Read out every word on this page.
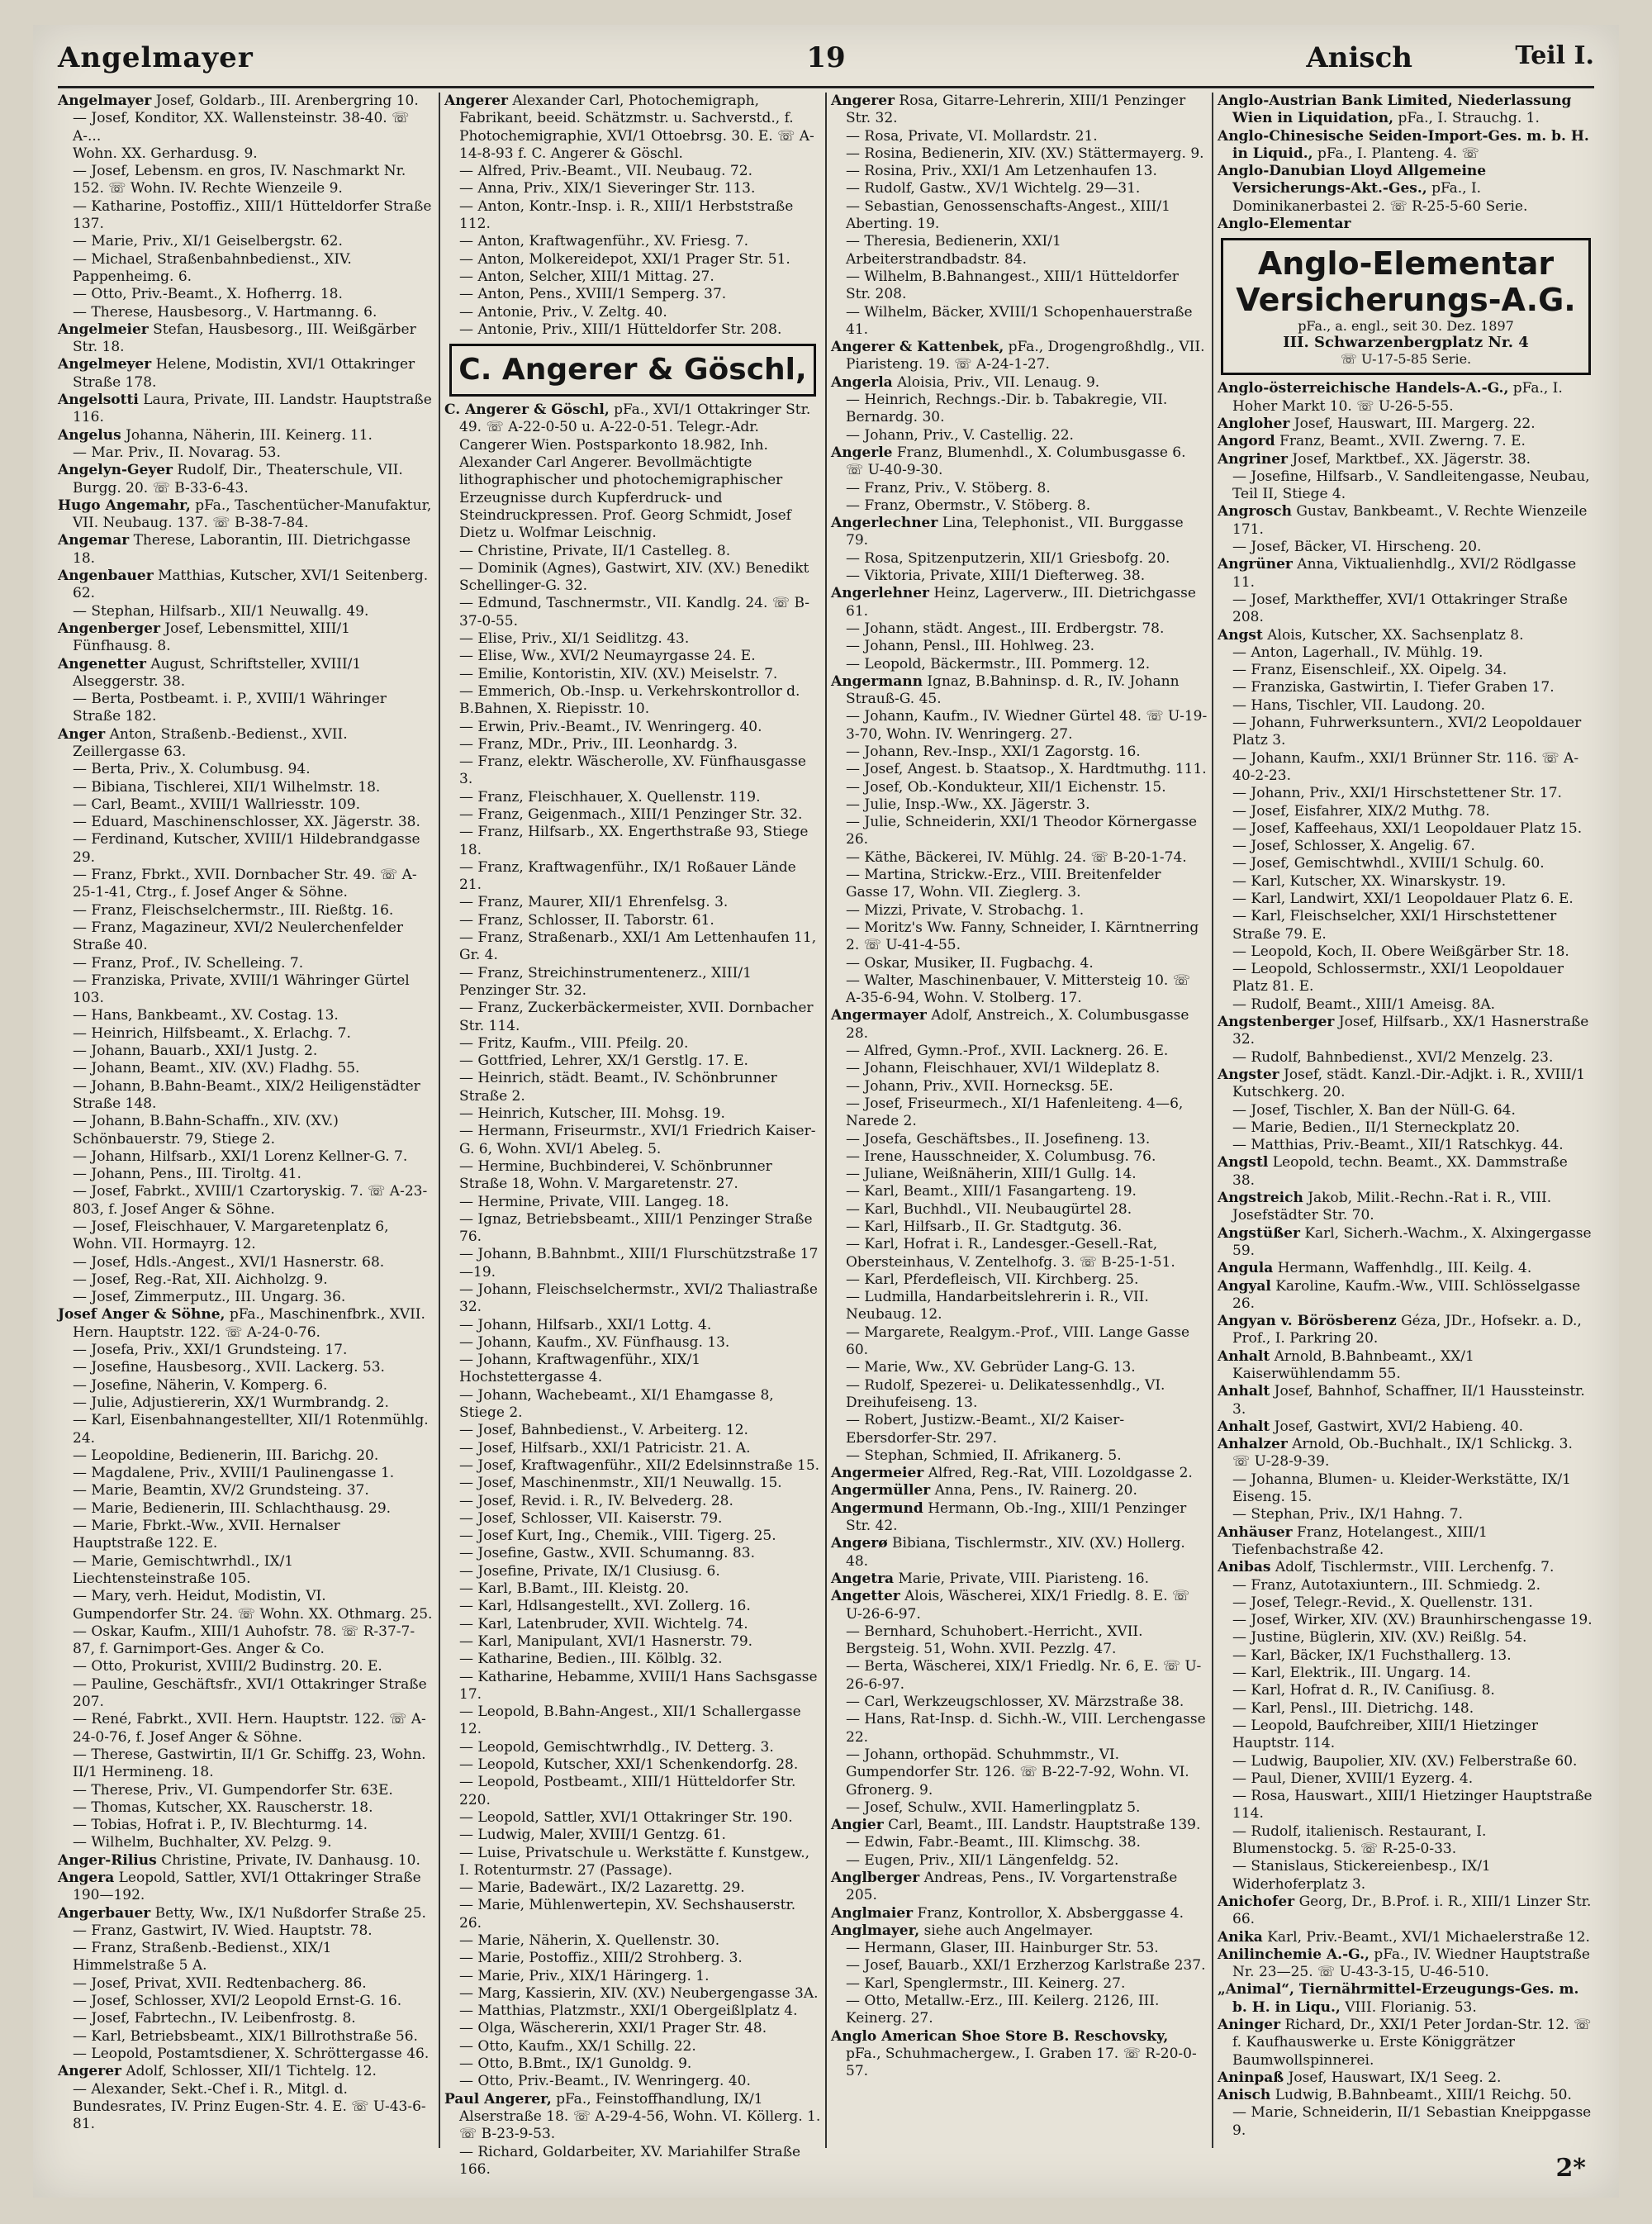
Angelmayer	19	Anisch	Teil I.

Angelmayer Josef, Goldarb., III. Arenbergring 10.

— Josef, Konditor, XX. Wallensteinstr. 38-40. ☏ A-...

Wohn. XX. Gerhardusg. 9.

— Josef, Lebensm. en gros, IV. Naschmarkt Nr. 152. ☏ Wohn. IV. Rechte Wienzeile 9.

— Katharine, Postoffiz., XIII/1 Hütteldorfer Straße 137.

— Marie, Priv., XI/1 Geiselbergstr. 62.

— Michael, Straßenbahnbedienst., XIV. Pappenheimg. 6.

— Otto, Priv.-Beamt., X. Hofherrg. 18.

— Therese, Hausbesorg., V. Hartmanng. 6.

Angelmeier Stefan, Hausbesorg., III. Weißgärber Str. 18.

Angelmeyer Helene, Modistin, XVI/1 Ottakringer Straße 178.

Angelsotti Laura, Private, III. Landstr. Hauptstraße 116.

Angelus Johanna, Näherin, III. Keinerg. 11.

— Mar. Priv., II. Novarag. 53.

Angelyn-Geyer Rudolf, Dir., Theaterschule, VII. Burgg. 20. ☏ B-33-6-43.

Hugo Angemahr, pFa., Taschentücher-Manufaktur, VII. Neubaug. 137. ☏ B-38-7-84.

Angemar Therese, Laborantin, III. Dietrichgasse 18.

Angenbauer Matthias, Kutscher, XVI/1 Seitenberg. 62.

— Stephan, Hilfsarb., XII/1 Neuwallg. 49.

Angenberger Josef, Lebensmittel, XIII/1 Fünfhausg. 8.

Angenetter August, Schriftsteller, XVIII/1 Alseggerstr. 38.

— Berta, Postbeamt. i. P., XVIII/1 Währinger Straße 182.

Anger Anton, Straßenb.-Bedienst., XVII. Zeillergasse 63.

— Berta, Priv., X. Columbusg. 94.

— Bibiana, Tischlerei, XII/1 Wilhelmstr. 18.

— Carl, Beamt., XVIII/1 Wallriesstr. 109.

— Eduard, Maschinenschlosser, XX. Jägerstr. 38.

— Ferdinand, Kutscher, XVIII/1 Hildebrandgasse 29.

— Franz, Fbrkt., XVII. Dornbacher Str. 49. ☏ A-25-1-41, Ctrg., f. Josef Anger & Söhne.

— Franz, Fleischselchermstr., III. Rießtg. 16.

— Franz, Magazineur, XVI/2 Neulerchenfelder Straße 40.

— Franz, Prof., IV. Schelleing. 7.

— Franziska, Private, XVIII/1 Währinger Gürtel 103.

— Hans, Bankbeamt., XV. Costag. 13.

— Heinrich, Hilfsbeamt., X. Erlachg. 7.

— Johann, Bauarb., XXI/1 Justg. 2.

— Johann, Beamt., XIV. (XV.) Fladhg. 55.

— Johann, B.Bahn-Beamt., XIX/2 Heiligenstädter Straße 148.

— Johann, B.Bahn-Schaffn., XIV. (XV.) Schönbauerstr. 79, Stiege 2.

— Johann, Hilfsarb., XXI/1 Lorenz Kellner-G. 7.

— Johann, Pens., III. Tiroltg. 41.

— Josef, Fabrkt., XVIII/1 Czartoryskig. 7. ☏ A-23-803, f. Josef Anger & Söhne.

— Josef, Fleischhauer, V. Margaretenplatz 6, Wohn. VII. Hormayrg. 12.

— Josef, Hdls.-Angest., XVI/1 Hasnerstr. 68.

— Josef, Reg.-Rat, XII. Aichholzg. 9.

— Josef, Zimmerputz., III. Ungarg. 36.

Josef Anger & Söhne, pFa., Maschinenfbrk., XVII. Hern. Hauptstr. 122. ☏ A-24-0-76.

— Josefa, Priv., XXI/1 Grundsteing. 17.

— Josefine, Hausbesorg., XVII. Lackerg. 53.

— Josefine, Näherin, V. Komperg. 6.

— Julie, Adjustiererin, XX/1 Wurmbrandg. 2.

— Karl, Eisenbahnangestellter, XII/1 Rotenmühlg. 24.

— Leopoldine, Bedienerin, III. Barichg. 20.

— Magdalene, Priv., XVIII/1 Paulinengasse 1.

— Marie, Beamtin, XV/2 Grundsteing. 37.

— Marie, Bedienerin, III. Schlachthausg. 29.

— Marie, Fbrkt.-Ww., XVII. Hernalser Hauptstraße 122. E.

— Marie, Gemischtwrhdl., IX/1 Liechtensteinstraße 105.

— Mary, verh. Heidut, Modistin, VI. Gumpendorfer Str. 24. ☏ Wohn. XX. Othmarg. 25.

— Oskar, Kaufm., XIII/1 Auhofstr. 78. ☏ R-37-7-87, f. Garnimport-Ges. Anger & Co.

— Otto, Prokurist, XVIII/2 Budinstrg. 20. E.

— Pauline, Geschäftsfr., XVI/1 Ottakringer Straße 207.

— René, Fabrkt., XVII. Hern. Hauptstr. 122. ☏ A-24-0-76, f. Josef Anger & Söhne.

— Therese, Gastwirtin, II/1 Gr. Schiffg. 23, Wohn. II/1 Hermineng. 18.

— Therese, Priv., VI. Gumpendorfer Str. 63E.

— Thomas, Kutscher, XX. Rauscherstr. 18.

— Tobias, Hofrat i. P., IV. Blechturmg. 14.

— Wilhelm, Buchhalter, XV. Pelzg. 9.

Anger-Rilius Christine, Private, IV. Danhausg. 10.

Angera Leopold, Sattler, XVI/1 Ottakringer Straße 190—192.

Angerbauer Betty, Ww., IX/1 Nußdorfer Straße 25.

— Franz, Gastwirt, IV. Wied. Hauptstr. 78.

— Franz, Straßenb.-Bedienst., XIX/1 Himmelstraße 5 A.

— Josef, Privat, XVII. Redtenbacherg. 86.

— Josef, Schlosser, XVI/2 Leopold Ernst-G. 16.

— Josef, Fabrtechn., IV. Leibenfrostg. 8.

— Karl, Betriebsbeamt., XIX/1 Billrothstraße 56.

— Leopold, Postamtsdiener, X. Schröttergasse 46.

Angerer Adolf, Schlosser, XII/1 Tichtelg. 12.

— Alexander, Sekt.-Chef i. R., Mitgl. d. Bundesrates, IV. Prinz Eugen-Str. 4. E. ☏ U-43-6-81.

Angerer Alexander Carl, Photochemigraph, Fabrikant, beeid. Schätzmstr. u. Sachverstd., f. Photochemigraphie, XVI/1 Ottoebrsg. 30. E. ☏ A-14-8-93 f. C. Angerer & Göschl.

— Alfred, Priv.-Beamt., VII. Neubaug. 72.

— Anna, Priv., XIX/1 Sieveringer Str. 113.

— Anton, Kontr.-Insp. i. R., XIII/1 Herbststraße 112.

— Anton, Kraftwagenführ., XV. Friesg. 7.

— Anton, Molkereidepot, XXI/1 Prager Str. 51.

— Anton, Selcher, XIII/1 Mittag. 27.

— Anton, Pens., XVIII/1 Semperg. 37.

— Antonie, Priv., V. Zeltg. 40.

— Antonie, Priv., XIII/1 Hütteldorfer Str. 208.

C. Angerer & Göschl,

C. Angerer & Göschl, pFa., XVI/1 Ottakringer Str. 49. ☏ A-22-0-50 u. A-22-0-51. Telegr.-Adr. Cangerer Wien. Postsparkonto 18.982, Inh. Alexander Carl Angerer. Bevollmächtigte lithographischer und photochemigraphischer Erzeugnisse durch Kupferdruck- und Steindruckpressen. Prof. Georg Schmidt, Josef Dietz u. Wolfmar Leischnig.

— Christine, Private, II/1 Castelleg. 8.

— Dominik (Agnes), Gastwirt, XIV. (XV.) Benedikt Schellinger-G. 32.

— Edmund, Taschnermstr., VII. Kandlg. 24. ☏ B-37-0-55.

— Elise, Priv., XI/1 Seidlitzg. 43.

— Elise, Ww., XVI/2 Neumayrgasse 24. E.

— Emilie, Kontoristin, XIV. (XV.) Meiselstr. 7.

— Emmerich, Ob.-Insp. u. Verkehrskontrollor d. B.Bahnen, X. Riepisstr. 10.

— Erwin, Priv.-Beamt., IV. Wenringerg. 40.

— Franz, MDr., Priv., III. Leonhardg. 3.

— Franz, elektr. Wäscherolle, XV. Fünfhausgasse 3.

— Franz, Fleischhauer, X. Quellenstr. 119.

— Franz, Geigenmach., XIII/1 Penzinger Str. 32.

— Franz, Hilfsarb., XX. Engerthstraße 93, Stiege 18.

— Franz, Kraftwagenführ., IX/1 Roßauer Lände 21.

— Franz, Maurer, XII/1 Ehrenfelsg. 3.

— Franz, Schlosser, II. Taborstr. 61.

— Franz, Straßenarb., XXI/1 Am Lettenhaufen 11, Gr. 4.

— Franz, Streichinstrumentenerz., XIII/1 Penzinger Str. 32.

— Franz, Zuckerbäckermeister, XVII. Dornbacher Str. 114.

— Fritz, Kaufm., VIII. Pfeilg. 20.

— Gottfried, Lehrer, XX/1 Gerstlg. 17. E.

— Heinrich, städt. Beamt., IV. Schönbrunner Straße 2.

— Heinrich, Kutscher, III. Mohsg. 19.

— Hermann, Friseurmstr., XVI/1 Friedrich Kaiser-G. 6, Wohn. XVI/1 Abeleg. 5.

— Hermine, Buchbinderei, V. Schönbrunner Straße 18, Wohn. V. Margaretenstr. 27.

— Hermine, Private, VIII. Langeg. 18.

— Ignaz, Betriebsbeamt., XIII/1 Penzinger Straße 76.

— Johann, B.Bahnbmt., XIII/1 Flurschützstraße 17—19.

— Johann, Fleischselchermstr., XVI/2 Thaliastraße 32.

— Johann, Hilfsarb., XXI/1 Lottg. 4.

— Johann, Kaufm., XV. Fünfhausg. 13.

— Johann, Kraftwagenführ., XIX/1 Hochstettergasse 4.

— Johann, Wachebeamt., XI/1 Ehamgasse 8, Stiege 2.

— Josef, Bahnbedienst., V. Arbeiterg. 12.

— Josef, Hilfsarb., XXI/1 Patricistr. 21. A.

— Josef, Kraftwagenführ., XII/2 Edelsinnstraße 15.

— Josef, Maschinenmstr., XII/1 Neuwallg. 15.

— Josef, Revid. i. R., IV. Belvederg. 28.

— Josef, Schlosser, VII. Kaiserstr. 79.

— Josef Kurt, Ing., Chemik., VIII. Tigerg. 25.

— Josefine, Gastw., XVII. Schumanng. 83.

— Josefine, Private, IX/1 Clusiusg. 6.

— Karl, B.Bamt., III. Kleistg. 20.

— Karl, Hdlsangestellt., XVI. Zollerg. 16.

— Karl, Latenbruder, XVII. Wichtelg. 74.

— Karl, Manipulant, XVI/1 Hasnerstr. 79.

— Katharine, Bedien., III. Kölblg. 32.

— Katharine, Hebamme, XVIII/1 Hans Sachsgasse 17.

— Leopold, B.Bahn-Angest., XII/1 Schallergasse 12.

— Leopold, Gemischtwrhdlg., IV. Detterg. 3.

— Leopold, Kutscher, XXI/1 Schenkendorfg. 28.

— Leopold, Postbeamt., XIII/1 Hütteldorfer Str. 220.

— Leopold, Sattler, XVI/1 Ottakringer Str. 190.

— Ludwig, Maler, XVIII/1 Gentzg. 61.

— Luise, Privatschule u. Werkstätte f. Kunstgew., I. Rotenturmstr. 27 (Passage).

— Marie, Badewärt., IX/2 Lazarettg. 29.

— Marie, Mühlenwerteрin, XV. Sechshauserstr. 26.

— Marie, Näherin, X. Quellenstr. 30.

— Marie, Postoffiz., XIII/2 Strohberg. 3.

— Marie, Priv., XIX/1 Häringerg. 1.

— Marg, Kassierin, XIV. (XV.) Neubergengasse 3A.

— Matthias, Platzmstr., XXI/1 Obergeißlplatz 4.

— Olga, Wäschererin, XXI/1 Prager Str. 48.

— Otto, Kaufm., XX/1 Schillg. 22.

— Otto, B.Bmt., IX/1 Gunoldg. 9.

— Otto, Priv.-Beamt., IV. Wenringerg. 40.

Paul Angerer, pFa., Feinstoffhandlung, IX/1 Alserstraße 18. ☏ A-29-4-56, Wohn. VI. Köllerg. 1. ☏ B-23-9-53.

— Richard, Goldarbeiter, XV. Mariahilfer Straße 166.

Angerer Rosa, Gitarre-Lehrerin, XIII/1 Penzinger Str. 32.

— Rosa, Private, VI. Mollardstr. 21.

— Rosina, Bedienerin, XIV. (XV.) Stättermayerg. 9.

— Rosina, Priv., XXI/1 Am Letzenhaufen 13.

— Rudolf, Gastw., XV/1 Wichtelg. 29—31.

— Sebastian, Genossenschafts-Angest., XIII/1 Aberting. 19.

— Theresia, Bedienerin, XXI/1 Arbeiterstrandbadstr. 84.

— Wilhelm, B.Bahnangest., XIII/1 Hütteldorfer Str. 208.

— Wilhelm, Bäcker, XVIII/1 Schopenhauerstraße 41.

Angerer & Kattenbek, pFa., Drogengroßhdlg., VII. Piaristeng. 19. ☏ A-24-1-27.

Angerla Aloisia, Priv., VII. Lenaug. 9.

— Heinrich, Rechngs.-Dir. b. Tabakregie, VII. Bernardg. 30.

— Johann, Priv., V. Castellig. 22.

Angerle Franz, Blumenhdl., X. Columbusgasse 6. ☏ U-40-9-30.

— Franz, Priv., V. Stöberg. 8.

— Franz, Obermstr., V. Stöberg. 8.

Angerlechner Lina, Telephonist., VII. Burggasse 79.

— Rosa, Spitzenputzerin, XII/1 Griesbofg. 20.

— Viktoria, Private, XIII/1 Diefterweg. 38.

Angerlehner Heinz, Lagerverw., III. Dietrichgasse 61.

— Johann, städt. Angest., III. Erdbergstr. 78.

— Johann, Pensl., III. Hohlweg. 23.

— Leopold, Bäckermstr., III. Pommerg. 12.

Angermann Ignaz, B.Bahninsp. d. R., IV. Johann Strauß-G. 45.

— Johann, Kaufm., IV. Wiedner Gürtel 48. ☏ U-19-3-70, Wohn. IV. Wenringerg. 27.

— Johann, Rev.-Insp., XXI/1 Zagorstg. 16.

— Josef, Angest. b. Staatsop., X. Hardtmuthg. 111.

— Josef, Ob.-Kondukteur, XII/1 Eichenstr. 15.

— Julie, Insp.-Ww., XX. Jägerstr. 3.

— Julie, Schneiderin, XXI/1 Theodor Körnergasse 26.

— Käthe, Bäckerei, IV. Mühlg. 24. ☏ B-20-1-74.

— Martina, Strickw.-Erz., VIII. Breitenfelder Gasse 17, Wohn. VII. Zieglerg. 3.

— Mizzi, Private, V. Strobachg. 1.

— Moritz's Ww. Fanny, Schneider, I. Kärntnerring 2. ☏ U-41-4-55.

— Oskar, Musiker, II. Fugbachg. 4.

— Walter, Maschinenbauer, V. Mittersteig 10. ☏ A-35-6-94, Wohn. V. Stolberg. 17.

Angermayer Adolf, Anstreich., X. Columbusgasse 28.

— Alfred, Gymn.-Prof., XVII. Lacknerg. 26. E.

— Johann, Fleischhauer, XVI/1 Wildeplatz 8.

— Johann, Priv., XVII. Hornecksg. 5E.

— Josef, Friseurmech., XI/1 Hafenleiteng. 4—6, Narede 2.

— Josefa, Geschäftsbes., II. Josefineng. 13.

— Irene, Hausschneider, X. Columbusg. 76.

— Juliane, Weißnäherin, XIII/1 Gullg. 14.

— Karl, Beamt., XIII/1 Fasangarteng. 19.

— Karl, Buchhdl., VII. Neubaugürtel 28.

— Karl, Hilfsarb., II. Gr. Stadtgutg. 36.

— Karl, Hofrat i. R., Landesger.-Gesell.-Rat, Obersteinhaus, V. Zentelhofg. 3. ☏ B-25-1-51.

— Karl, Pferdefleisch, VII. Kirchberg. 25.

— Ludmilla, Handarbeitslehrerin i. R., VII. Neubaug. 12.

— Margarete, Realgym.-Prof., VIII. Lange Gasse 60.

— Marie, Ww., XV. Gebrüder Lang-G. 13.

— Rudolf, Spezerei- u. Delikatessenhdlg., VI. Dreihufeiseng. 13.

— Robert, Justizw.-Beamt., XI/2 Kaiser-Ebersdorfer-Str. 297.

— Stephan, Schmied, II. Afrikanerg. 5.

Angermeier Alfred, Reg.-Rat, VIII. Lozoldgasse 2.

Angermüller Anna, Pens., IV. Rainerg. 20.

Angermund Hermann, Ob.-Ing., XIII/1 Penzinger Str. 42.

Angerø Bibiana, Tischlermstr., XIV. (XV.) Hollerg. 48.

Angetra Marie, Private, VIII. Piaristeng. 16.

Angetter Alois, Wäscherei, XIX/1 Friedlg. 8. E. ☏ U-26-6-97.

— Bernhard, Schuhobert.-Herricht., XVII. Bergsteig. 51, Wohn. XVII. Pezzlg. 47.

— Berta, Wäscherei, XIX/1 Friedlg. Nr. 6, E. ☏ U-26-6-97.

— Carl, Werkzeugschlosser, XV. Märzstraße 38.

— Hans, Rat-Insp. d. Sichh.-W., VIII. Lerchengasse 22.

— Johann, orthopäd. Schuhmmstr., VI. Gumpendorfer Str. 126. ☏ B-22-7-92, Wohn. VI. Gfronerg. 9.

— Josef, Schulw., XVII. Hamerlingplatz 5.

Angier Carl, Beamt., III. Landstr. Hauptstraße 139.

— Edwin, Fabr.-Beamt., III. Klimschg. 38.

— Eugen, Priv., XII/1 Längenfeldg. 52.

Anglberger Andreas, Pens., IV. Vorgartenstraße 205.

Anglmaier Franz, Kontrollor, X. Absberggasse 4.

Anglmayer, siehe auch Angelmayer.

— Hermann, Glaser, III. Hainburger Str. 53.

— Josef, Bauarb., XXI/1 Erzherzog Karlstraße 237.

— Karl, Spenglermstr., III. Keinerg. 27.

— Otto, Metallw.-Erz., III. Keilerg. 2126, III. Keinerg. 27.

Anglo American Shoe Store B. Reschovsky, pFa., Schuhmachergew., I. Graben 17. ☏ R-20-0-57.

Anglo-Austrian Bank Limited, Niederlassung Wien in Liquidation, pFa., I. Strauchg. 1.

Anglo-Chinesische Seiden-Import-Ges. m. b. H. in Liquid., pFa., I. Planteng. 4. ☏

Anglo-Danubian Lloyd Allgemeine Versicherungs-Akt.-Ges., pFa., I. Dominikanerbastei 2. ☏ R-25-5-60 Serie.

Anglo-Elementar

Anglo-Elementar
Versicherungs-A.G.
pFa., a. engl., seit 30. Dez. 1897
III. Schwarzenbergplatz Nr. 4
☏ U-17-5-85 Serie.

Anglo-österreichische Handels-A.-G., pFa., I. Hoher Markt 10. ☏ U-26-5-55.

Angloher Josef, Hauswart, III. Margerg. 22.

Angord Franz, Beamt., XVII. Zwerng. 7. E.

Angriner Josef, Marktbef., XX. Jägerstr. 38.

— Josefine, Hilfsarb., V. Sandleitengasse, Neubau, Teil II, Stiege 4.

Angrosch Gustav, Bankbeamt., V. Rechte Wienzeile 171.

— Josef, Bäcker, VI. Hirscheng. 20.

Angrüner Anna, Viktualienhdlg., XVI/2 Rödlgasse 11.

— Josef, Marktheffer, XVI/1 Ottakringer Straße 208.

Angst Alois, Kutscher, XX. Sachsenplatz 8.

— Anton, Lagerhall., IV. Mühlg. 19.

— Franz, Eisenschleif., XX. Oipelg. 34.

— Franziska, Gastwirtin, I. Tiefer Graben 17.

— Hans, Tischler, VII. Laudong. 20.

— Johann, Fuhrwerksuntern., XVI/2 Leopoldauer Platz 3.

— Johann, Kaufm., XXI/1 Brünner Str. 116. ☏ A-40-2-23.

— Johann, Priv., XXI/1 Hirschstettener Str. 17.

— Josef, Eisfahrer, XIX/2 Muthg. 78.

— Josef, Kaffeehaus, XXI/1 Leopoldauer Platz 15.

— Josef, Schlosser, X. Angelig. 67.

— Josef, Gemischtwhdl., XVIII/1 Schulg. 60.

— Karl, Kutscher, XX. Winarskystr. 19.

— Karl, Landwirt, XXI/1 Leopoldauer Platz 6. E.

— Karl, Fleischselcher, XXI/1 Hirschstettener Straße 79. E.

— Leopold, Koch, II. Obere Weißgärber Str. 18.

— Leopold, Schlossermstr., XXI/1 Leopoldauer Platz 81. E.

— Rudolf, Beamt., XIII/1 Ameisg. 8A.

Angstenberger Josef, Hilfsarb., XX/1 Hasnerstraße 32.

— Rudolf, Bahnbedienst., XVI/2 Menzelg. 23.

Angster Josef, städt. Kanzl.-Dir.-Adjkt. i. R., XVIII/1 Kutschkerg. 20.

— Josef, Tischler, X. Ban der Nüll-G. 64.

— Marie, Bedien., II/1 Sterneckplatz 20.

— Matthias, Priv.-Beamt., XII/1 Ratschkyg. 44.

Angstl Leopold, techn. Beamt., XX. Dammstraße 38.

Angstreich Jakob, Milit.-Rechn.-Rat i. R., VIII. Josefstädter Str. 70.

Angstüßer Karl, Sicherh.-Wachm., X. Alxingergasse 59.

Angula Hermann, Waffenhdlg., III. Keilg. 4.

Angyal Karoline, Kaufm.-Ww., VIII. Schlösselgasse 26.

Angyan v. Börösberenz Géza, JDr., Hofsekr. a. D., Prof., I. Parkring 20.

Anhalt Arnold, B.Bahnbeamt., XX/1 Kaiserwühlendamm 55.

Anhalt Josef, Bahnhof, Schaffner, II/1 Haussteinstr. 3.

Anhalt Josef, Gastwirt, XVI/2 Habieng. 40.

Anhalzer Arnold, Ob.-Buchhalt., IX/1 Schlickg. 3. ☏ U-28-9-39.

— Johanna, Blumen- u. Kleider-Werkstätte, IX/1 Eiseng. 15.

— Stephan, Priv., IX/1 Hahng. 7.

Anhäuser Franz, Hotelangest., XIII/1 Tiefenbachstraße 42.

Anibas Adolf, Tischlermstr., VIII. Lerchenfg. 7.

— Franz, Autotaxiuntern., III. Schmiedg. 2.

— Josef, Telegr.-Revid., X. Quellenstr. 131.

— Josef, Wirker, XIV. (XV.) Braunhirschengasse 19.

— Justine, Büglerin, XIV. (XV.) Reißlg. 54.

— Karl, Bäcker, IX/1 Fuchsthallerg. 13.

— Karl, Elektrik., III. Ungarg. 14.

— Karl, Hofrat d. R., IV. Caniſiusg. 8.

— Karl, Pensl., III. Dietrichg. 148.

— Leopold, Baufchreiber, XIII/1 Hietzinger Hauptstr. 114.

— Ludwig, Baupolier, XIV. (XV.) Felberstraße 60.

— Paul, Diener, XVIII/1 Eyzerg. 4.

— Rosa, Hauswart., XIII/1 Hietzinger Hauptstraße 114.

— Rudolf, italienisch. Restaurant, I. Blumenstockg. 5. ☏ R-25-0-33.

— Stanislaus, Stickereienbesp., IX/1 Widerhoferplatz 3.

Anichofer Georg, Dr., B.Prof. i. R., XIII/1 Linzer Str. 66.

Anika Karl, Priv.-Beamt., XVI/1 Michaelerstraße 12.

Anilinchemie A.-G., pFa., IV. Wiedner Hauptstraße Nr. 23—25. ☏ U-43-3-15, U-46-510.

„Animal“, Tiernährmittel-Erzeugungs-Ges. m. b. H. in Liqu., VIII. Florianig. 53.

Aninger Richard, Dr., XXI/1 Peter Jordan-Str. 12. ☏ f. Kaufhauswerke u. Erste Königgrätzer Baumwollspinnerei.

Aninpaß Josef, Hauswart, IX/1 Seeg. 2.

Anisch Ludwig, B.Bahnbeamt., XIII/1 Reichg. 50.

— Marie, Schneiderin, II/1 Sebastian Kneippgasse 9.

2*
